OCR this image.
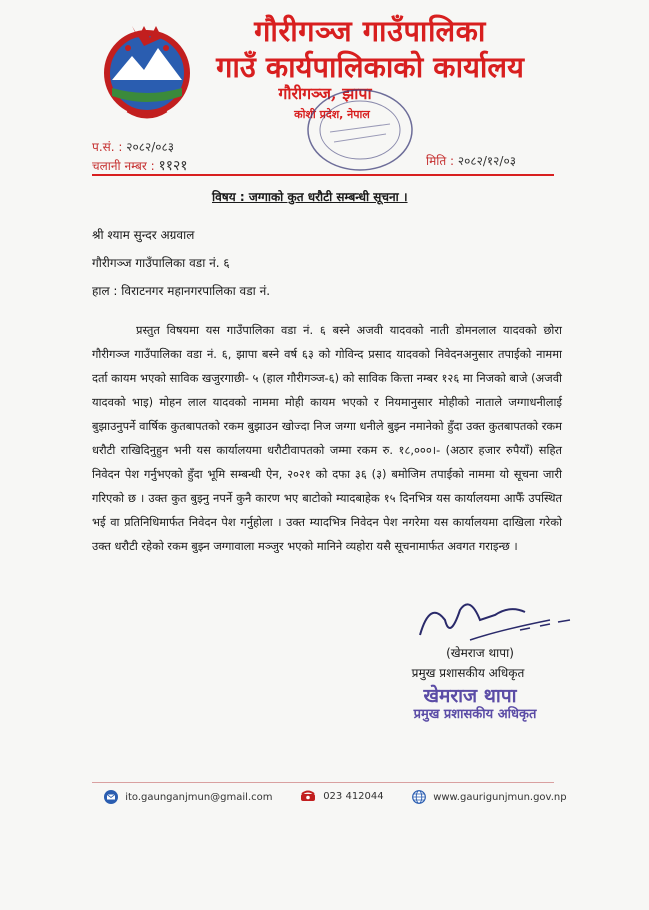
गौरीगञ्ज गाउँपालिका
गाउँ कार्यपालिकाको कार्यालय
गौरीगञ्ज, झापा
कोशी प्रदेश, नेपाल
प.सं. : २०८२/०८३
चलानी नम्बर : ११२१	मिति : २०८२/१२/०३
विषय : जग्गाको कुत धरौटी सम्बन्धी सूचना ।
श्री श्याम सुन्दर अग्रवाल
गौरीगञ्ज गाउँपालिका वडा नं. ६
हाल : विराटनगर महानगरपालिका वडा नं.

प्रस्तुत विषयमा यस गाउँपालिका वडा नं. ६ बस्ने अजवी यादवको नाती डोमनलाल यादवको छोरा गौरीगञ्ज गाउँपालिका वडा नं. ६, झापा बस्ने वर्ष ६३ को गोविन्द प्रसाद यादवको निवेदनअनुसार तपाईको नाममा दर्ता कायम भएको साविक खजुरगाछी- ५ (हाल गौरीगञ्ज-६) को साविक कित्ता नम्बर १२६ मा निजको बाजे (अजवी यादवको भाइ) मोहन लाल यादवको नाममा मोही कायम भएको र नियमानुसार मोहीको नाताले जग्गाधनीलाई बुझाउनुपर्ने वार्षिक कुतबापतको रकम बुझाउन खोज्दा निज जग्गा धनीले बुझ्न नमानेको हुँदा उक्त कुतबापतको रकम धरौटी राखिदिनुहुन भनी यस कार्यालयमा धरौटीवापतको जम्मा रकम रु. १८,०००।- (अठार हजार रुपैयाँ) सहित निवेदन पेश गर्नुभएको हुँदा भूमि सम्बन्धी ऐन, २०२१ को दफा ३६ (३) बमोजिम तपाईको नाममा यो सूचना जारी गरिएको छ । उक्त कुत बुझ्नु नपर्ने कुनै कारण भए बाटोको म्यादबाहेक १५ दिनभित्र यस कार्यालयमा आफैँ उपस्थित भई वा प्रतिनिधिमार्फत निवेदन पेश गर्नुहोला । उक्त म्यादभित्र निवेदन पेश नगरेमा यस कार्यालयमा दाखिला गरेको उक्त धरौटी रहेको रकम बुझ्न जग्गावाला मञ्जुर भएको मानिने व्यहोरा यसै सूचनामार्फत अवगत गराइन्छ ।

(खेमराज थापा)
प्रमुख प्रशासकीय अधिकृत
खेमराज थापा
प्रमुख प्रशासकीय अधिकृत
ito.gaunganjmun@gmail.com	023 412044	www.gaurigunjmun.gov.np
